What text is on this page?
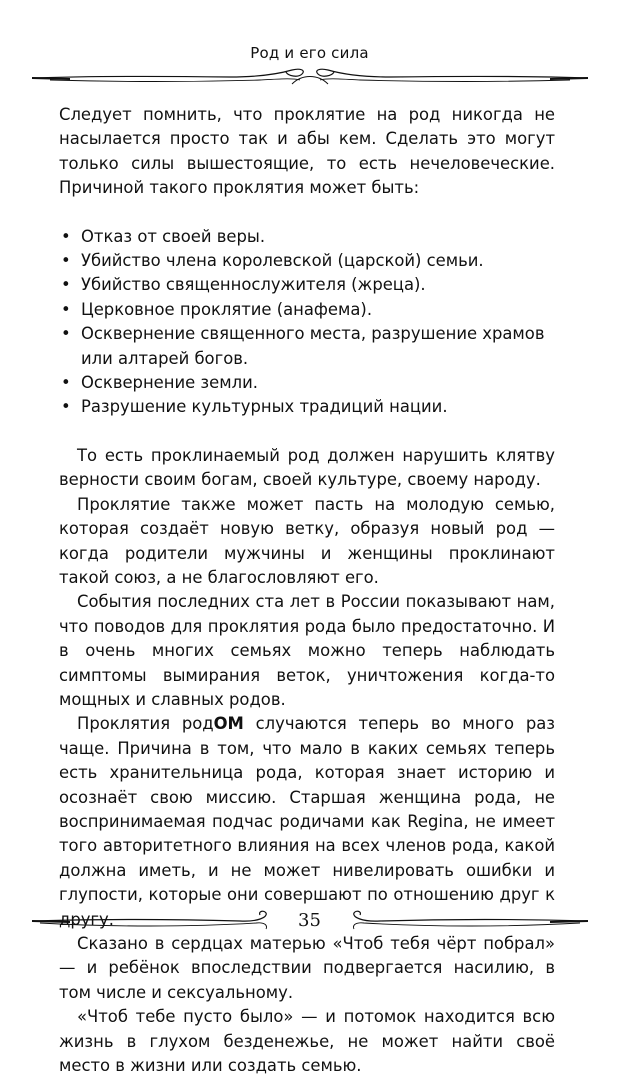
Род и его сила

Следует помнить, что проклятие на род никогда не насылается просто так и абы кем. Сделать это могут только силы вышестоящие, то есть нечеловеческие. Причиной такого проклятия может быть:

• Отказ от своей веры.
• Убийство члена королевской (царской) семьи.
• Убийство священнослужителя (жреца).
• Церковное проклятие (анафема).
• Осквернение священного места, разрушение храмов или алтарей богов.
• Осквернение земли.
• Разрушение культурных традиций нации.

То есть проклинаемый род должен нарушить клятву верности своим богам, своей культуре, своему народу.

Проклятие также может пасть на молодую семью, которая создаёт новую ветку, образуя новый род — когда родители мужчины и женщины проклинают такой союз, а не благословляют его.

События последних ста лет в России показывают нам, что поводов для проклятия рода было предостаточно. И в очень многих семьях можно теперь наблюдать симптомы вымирания веток, уничтожения когда-то мощных и славных родов.

Проклятия родОМ случаются теперь во много раз чаще. Причина в том, что мало в каких семьях теперь есть хранительница рода, которая знает историю и осознаёт свою миссию. Старшая женщина рода, не воспринимаемая подчас родичами как Regina, не имеет того авторитетного влияния на всех членов рода, какой должна иметь, и не может нивелировать ошибки и глупости, которые они совершают по отношению друг к другу.

Сказано в сердцах матерью «Чтоб тебя чёрт побрал» — и ребёнок впоследствии подвергается насилию, в том числе и сексуальному.

«Чтоб тебе пусто было» — и потомок находится всю жизнь в глухом безденежье, не может найти своё место в жизни или создать семью.

35
